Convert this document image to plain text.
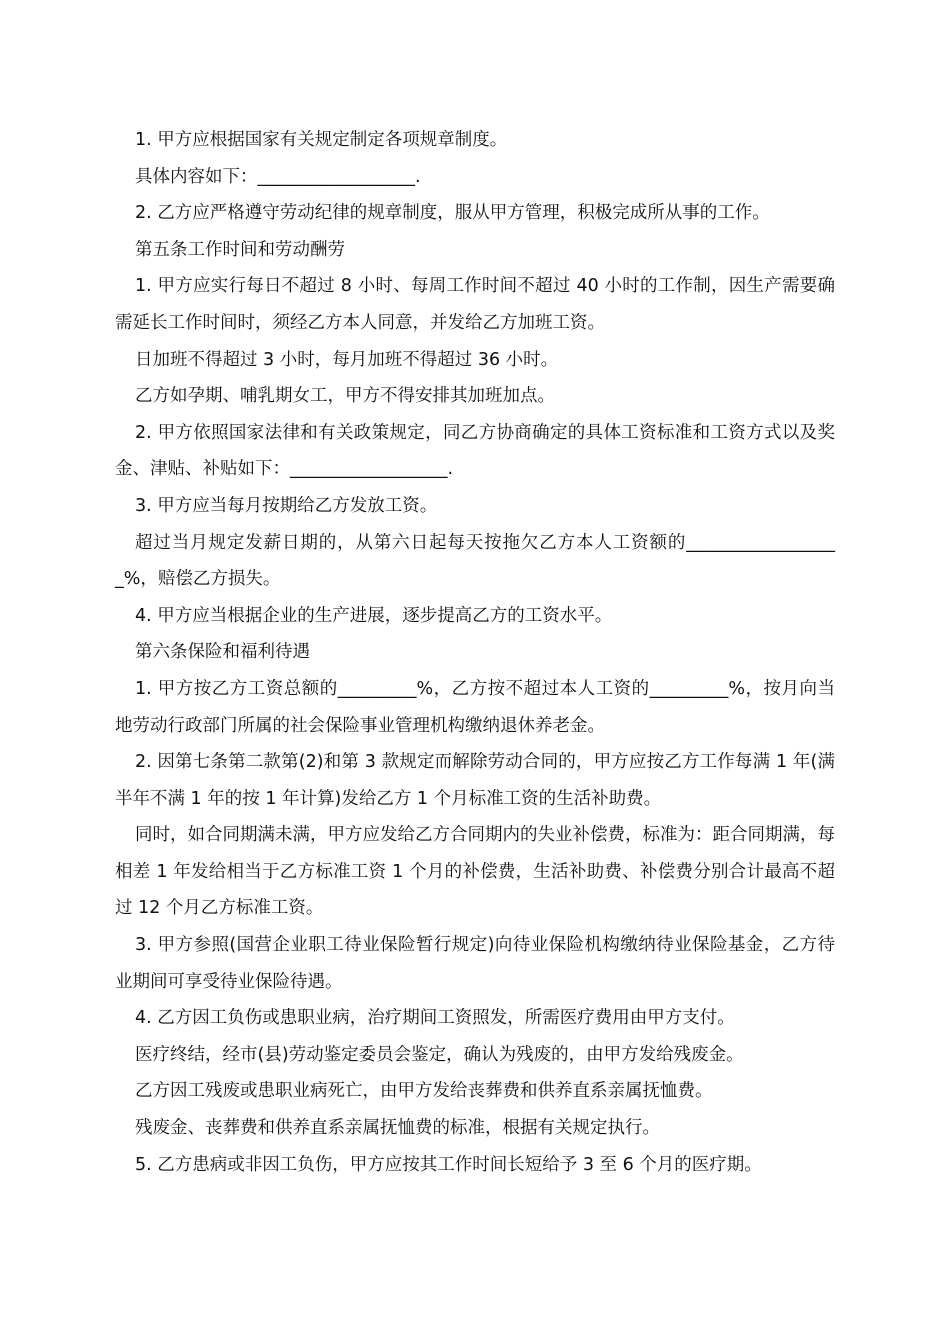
1. 甲方应根据国家有关规定制定各项规章制度。

具体内容如下：__________________.

2. 乙方应严格遵守劳动纪律的规章制度，服从甲方管理，积极完成所从事的工作。

第五条工作时间和劳动酬劳

1. 甲方应实行每日不超过 8 小时、每周工作时间不超过 40 小时的工作制，因生产需要确需延长工作时间时，须经乙方本人同意，并发给乙方加班工资。

日加班不得超过 3 小时，每月加班不得超过 36 小时。

乙方如孕期、哺乳期女工，甲方不得安排其加班加点。

2. 甲方依照国家法律和有关政策规定，同乙方协商确定的具体工资标准和工资方式以及奖金、津贴、补贴如下：__________________.

3. 甲方应当每月按期给乙方发放工资。

超过当月规定发薪日期的，从第六日起每天按拖欠乙方本人工资额的__________________%，赔偿乙方损失。

4. 甲方应当根据企业的生产进展，逐步提高乙方的工资水平。

第六条保险和福利待遇

1. 甲方按乙方工资总额的_________%，乙方按不超过本人工资的_________%，按月向当地劳动行政部门所属的社会保险事业管理机构缴纳退休养老金。

2. 因第七条第二款第(2)和第 3 款规定而解除劳动合同的，甲方应按乙方工作每满 1 年(满半年不满 1 年的按 1 年计算)发给乙方 1 个月标准工资的生活补助费。

同时，如合同期满未满，甲方应发给乙方合同期内的失业补偿费，标准为：距合同期满，每相差 1 年发给相当于乙方标准工资 1 个月的补偿费，生活补助费、补偿费分别合计最高不超过 12 个月乙方标准工资。

3. 甲方参照(国营企业职工待业保险暂行规定)向待业保险机构缴纳待业保险基金，乙方待业期间可享受待业保险待遇。

4. 乙方因工负伤或患职业病，治疗期间工资照发，所需医疗费用由甲方支付。

医疗终结，经市(县)劳动鉴定委员会鉴定，确认为残废的，由甲方发给残废金。

乙方因工残废或患职业病死亡，由甲方发给丧葬费和供养直系亲属抚恤费。

残废金、丧葬费和供养直系亲属抚恤费的标准，根据有关规定执行。

5. 乙方患病或非因工负伤，甲方应按其工作时间长短给予 3 至 6 个月的医疗期。
